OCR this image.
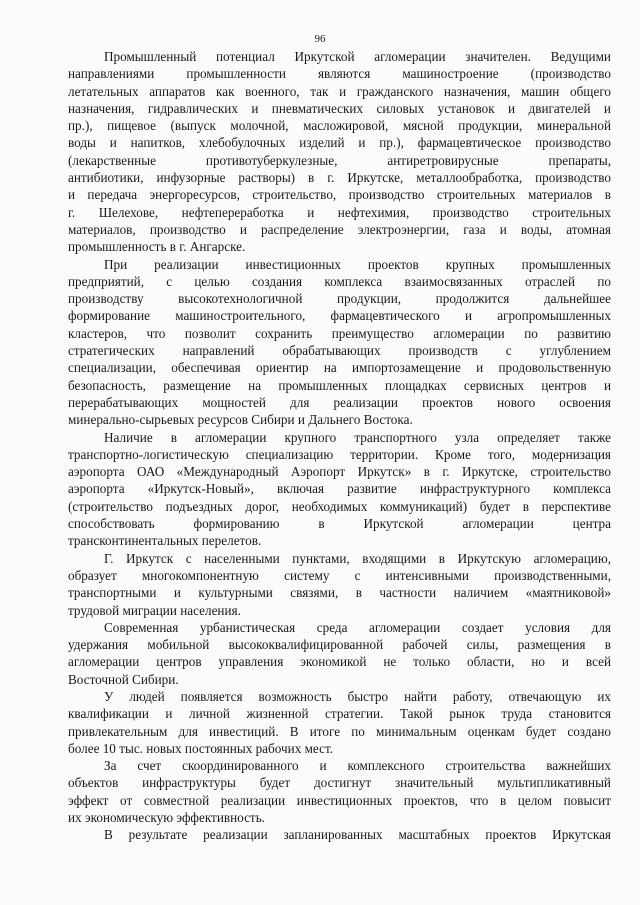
96
Промышленный потенциал Иркутской агломерации значителен. Ведущими
направлениями промышленности являются машиностроение (производство
летательных аппаратов как военного, так и гражданского назначения, машин общего
назначения, гидравлических и пневматических силовых установок и двигателей и
пр.), пищевое (выпуск молочной, масложировой, мясной продукции, минеральной
воды и напитков, хлебобулочных изделий и пр.), фармацевтическое производство
(лекарственные противотуберкулезные, антиретровирусные препараты,
антибиотики, инфузорные растворы) в г. Иркутске, металлообработка, производство
и передача энергоресурсов, строительство, производство строительных материалов в
г. Шелехове, нефтепереработка и нефтехимия, производство строительных
материалов, производство и распределение электроэнергии, газа и воды, атомная
промышленность в г. Ангарске.
При реализации инвестиционных проектов крупных промышленных
предприятий, с целью создания комплекса взаимосвязанных отраслей по
производству высокотехнологичной продукции, продолжится дальнейшее
формирование машиностроительного, фармацевтического и агропромышленных
кластеров, что позволит сохранить преимущество агломерации по развитию
стратегических направлений обрабатывающих производств с углублением
специализации, обеспечивая ориентир на импортозамещение и продовольственную
безопасность, размещение на промышленных площадках сервисных центров и
перерабатывающих мощностей для реализации проектов нового освоения
минерально-сырьевых ресурсов Сибири и Дальнего Востока.
Наличие в агломерации крупного транспортного узла определяет также
транспортно-логистическую специализацию территории. Кроме того, модернизация
аэропорта ОАО «Международный Аэропорт Иркутск» в г. Иркутске, строительство
аэропорта «Иркутск-Новый», включая развитие инфраструктурного комплекса
(строительство подъездных дорог, необходимых коммуникаций) будет в перспективе
способствовать формированию в Иркутской агломерации центра
трансконтинентальных перелетов.
Г. Иркутск с населенными пунктами, входящими в Иркутскую агломерацию,
образует многокомпонентную систему с интенсивными производственными,
транспортными и культурными связями, в частности наличием «маятниковой»
трудовой миграции населения.
Современная урбанистическая среда агломерации создает условия для
удержания мобильной высококвалифицированной рабочей силы, размещения в
агломерации центров управления экономикой не только области, но и всей
Восточной Сибири.
У людей появляется возможность быстро найти работу, отвечающую их
квалификации и личной жизненной стратегии. Такой рынок труда становится
привлекательным для инвестиций. В итоге по минимальным оценкам будет создано
более 10 тыс. новых постоянных рабочих мест.
За счет скоординированного и комплексного строительства важнейших
объектов инфраструктуры будет достигнут значительный мультипликативный
эффект от совместной реализации инвестиционных проектов, что в целом повысит
их экономическую эффективность.
В результате реализации запланированных масштабных проектов Иркутская
